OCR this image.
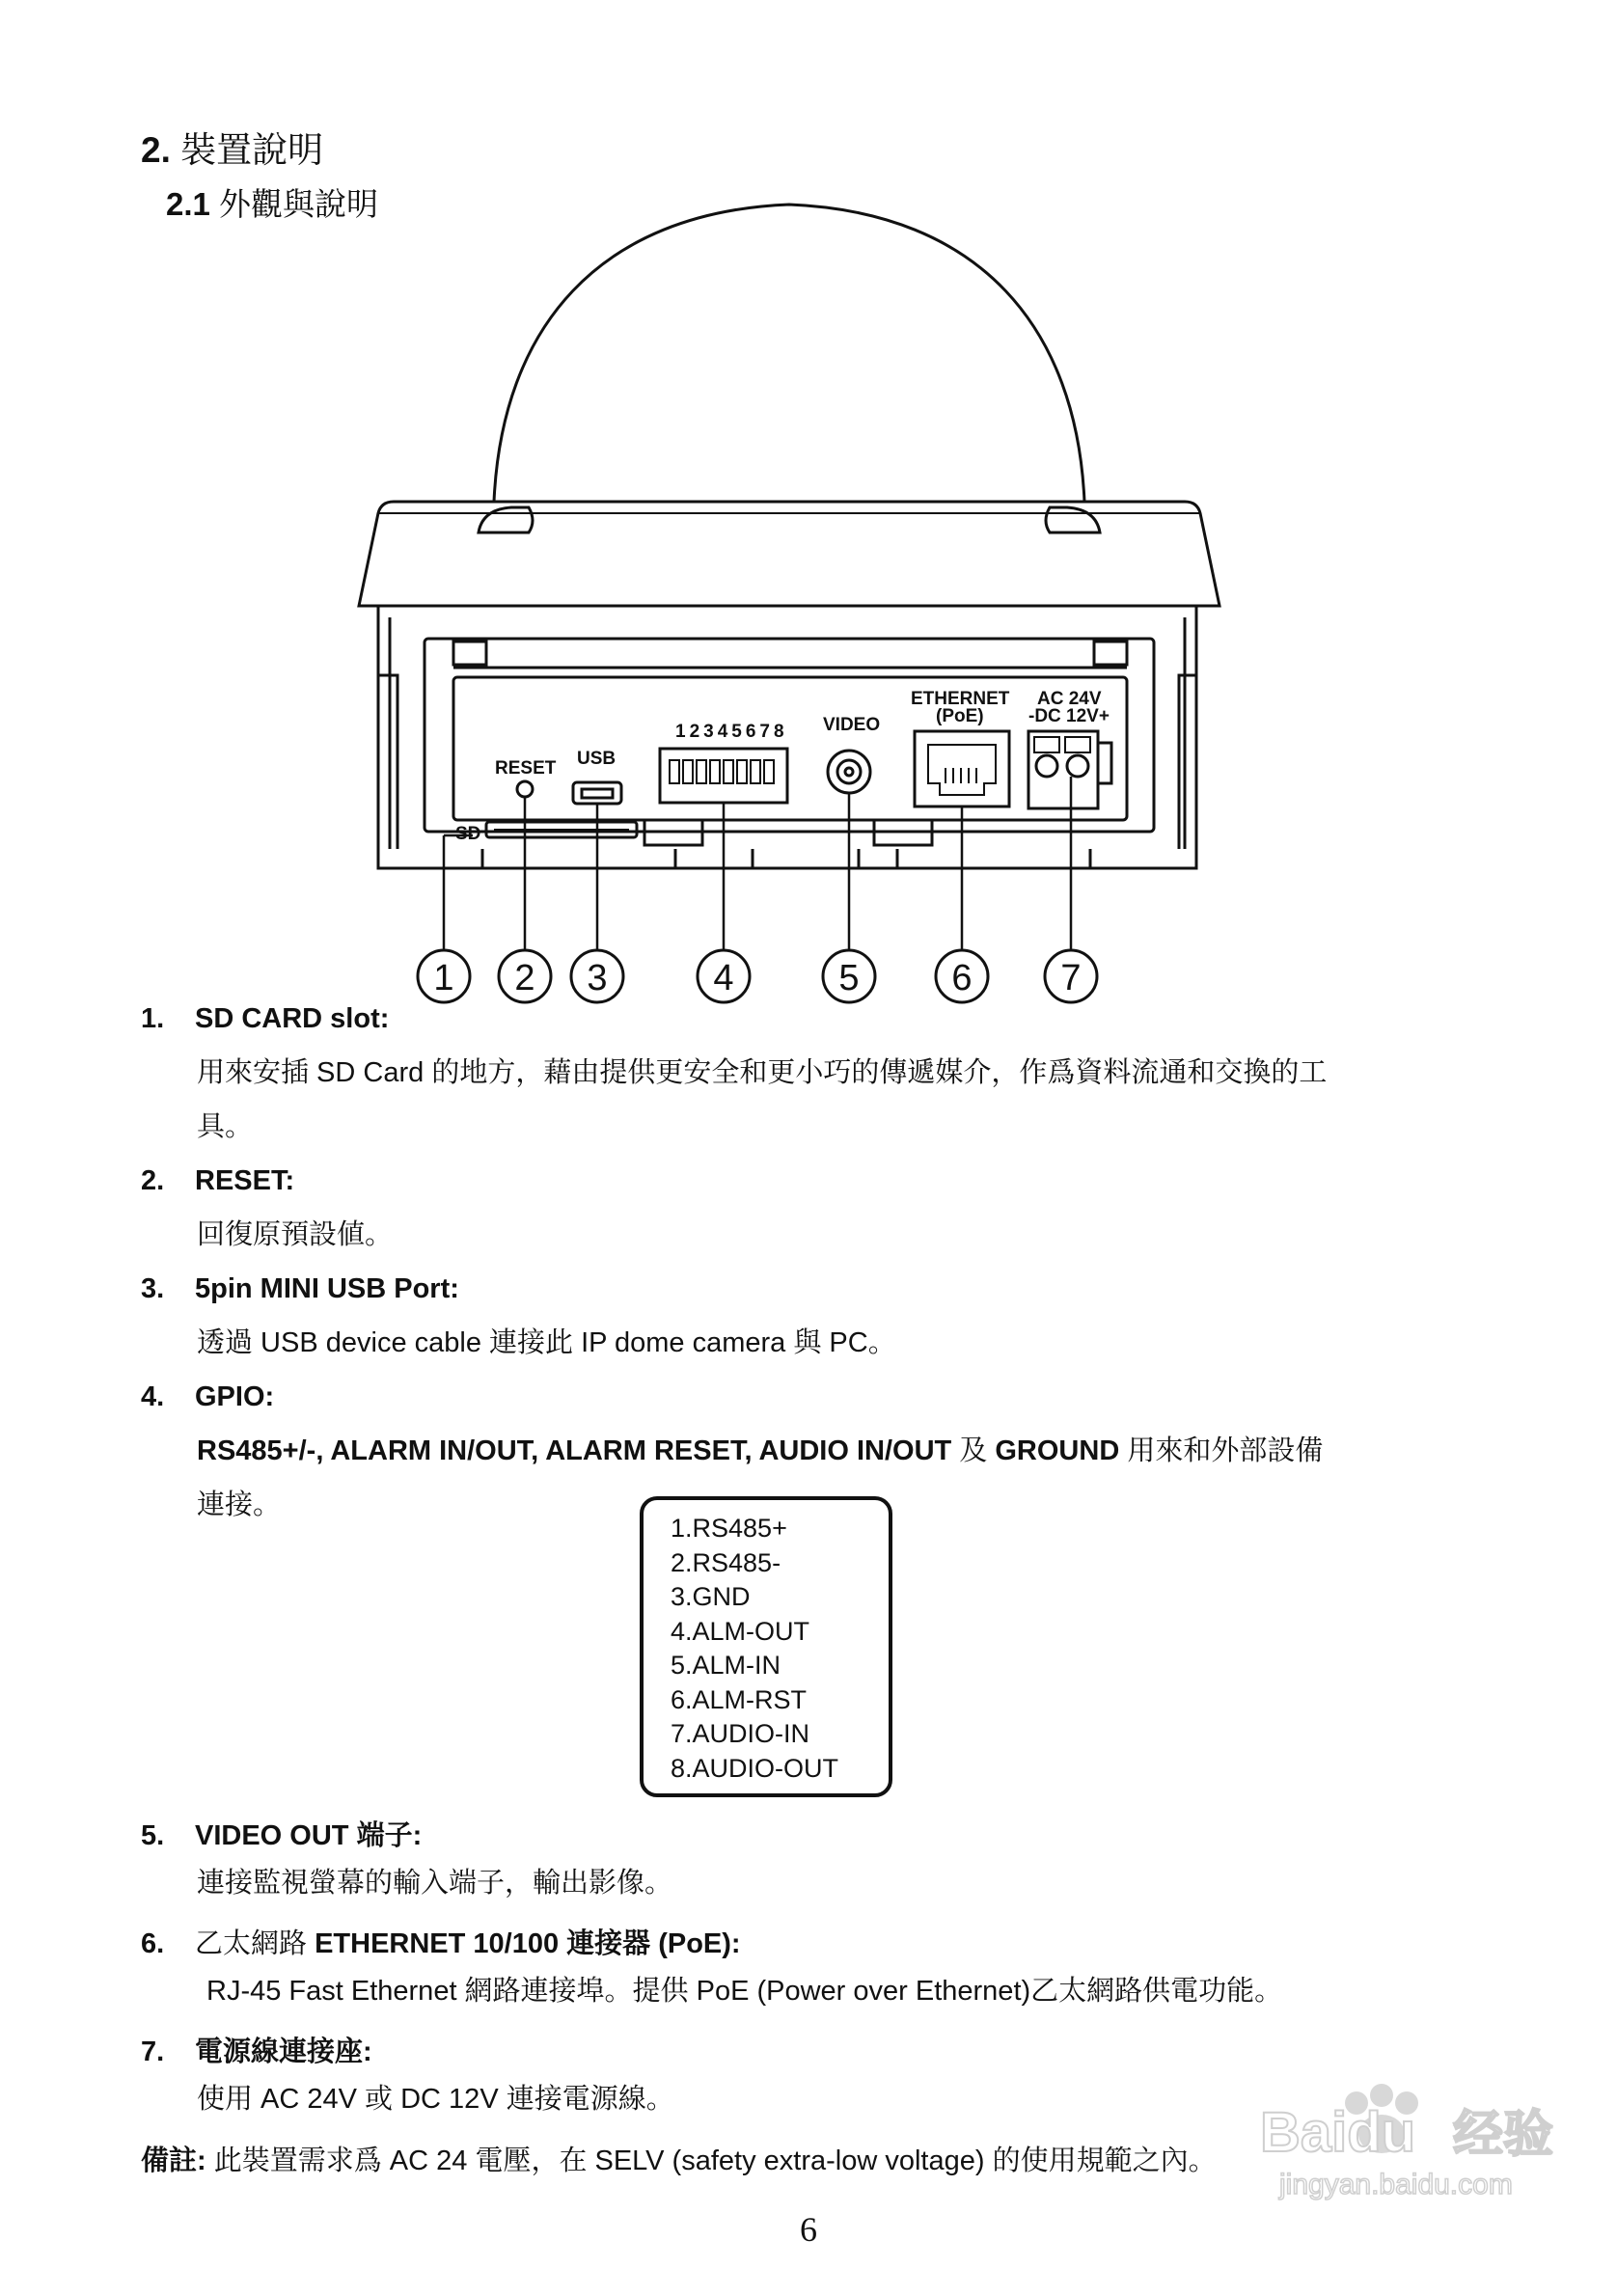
2. 裝置說明
2.1 外觀與說明
RESET USB
SD
12345678 VIDEO
ETHERNET
(PoE)
AC 24V
-DC 12V+
1 2 3	4	5	6 7
1. SD CARD slot:
用來安插 SD Card 的地方，藉由提供更安全和更小巧的傳遞媒介，作爲資料流通和交換的工
具。
2. RESET:
回復原預設値。
3. 5pin MINI USB Port:
透過 USB device cable 連接此 IP dome camera 與 PC。
4. GPIO:
RS485+/-, ALARM IN/OUT, ALARM RESET, AUDIO IN/OUT 及 GROUND 用來和外部設備
連接。
1.RS485+
2.RS485-
3.GND
4.ALM-OUT
5.ALM-IN
6.ALM-RST
7.AUDIO-IN
8.AUDIO-OUT
5. VIDEO OUT 端子:
連接監視螢幕的輸入端子，輸出影像。
6. 乙太網路 ETHERNET 10/100 連接器 (PoE):
RJ-45 Fast Ethernet 網路連接埠。提供 PoE (Power over Ethernet)乙太網路供電功能。
7. 電源線連接座:
使用 AC 24V 或 DC 12V 連接電源線。
備註: 此裝置需求爲 AC 24 電壓，在 SELV (safety extra-low voltage) 的使用規範之內。
6
Baidu 经验
jingyan.baidu.com
